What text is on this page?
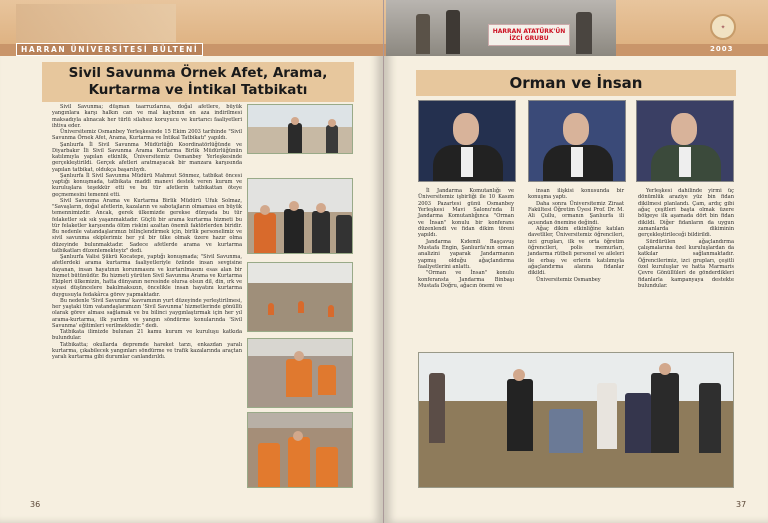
HARRAN ÜNİVERSİTESİ BÜLTENİ
Sivil Savunma Örnek Afet, Arama, Kurtarma ve İntikal Tatbikatı

Sivil Savunma; düşman taarruzlarına, doğal afetlere, büyük yangınlara karşı halkın can ve mal kaybının en aza indirilmesi maksadıyla alınacak her türlü silahsız koruyucu ve kurtarıcı faaliyetleri ihtiva eder.

Üniversitemiz Osmanbey Yerleşkesinde 15 Ekim 2003 tarihinde "Sivil Savunma Örnek Afet, Arama, Kurtarma ve İntikal Tatbikatı" yapıldı.

Şanlıurfa İl Sivil Savunma Müdürlüğü Koordinatörlüğünde ve Diyarbakır İli Sivil Savunma Arama Kurtarma Birlik Müdürlüğünün katılımıyla yapılan etkinlik, Üniversitemiz Osmanbey Yerleşkesinde gerçekleştirildi. Gerçek afetleri aratmayacak bir manzara karşısında yapılan tatbikat, oldukça başarılıydı.

Şanlıurfa İl Sivil Savunma Müdürü Mahmut Sönmez, tatbikat öncesi yaptığı konuşmada, tatbikata maddi manevi destek veren kurum ve kuruluşlara teşekkür etti ve bu tür afetlerin tatbikattan öteye geçmemesini temenni etti.

Sivil Savunma Arama ve Kurtarma Birlik Müdürü Ufuk Solmaz, "Savaşların, doğal afetlerin, kazaların ve sabotajların olmaması en büyük temennimizdir. Ancak, gerek ülkemizde gerekse dünyada bu tür felaketler sık sık yaşanmaktadır. Güçlü bir arama kurtarma hizmeti bu tür felaketler karşısında ölüm riskini azaltan önemli faktörlerden biridir. Bu nedenle vatandaşlarımızı bilinçlendirmek için, birlik personelimiz ve sivil savunma ekiplerimiz her yıl bir ülke olmak üzere hazır olma düzeyinde bulunmaktadır. Sadece afetlerde arama ve kurtarma tatbikatları düzenlemekteyiz" dedi.

Şanlıurfa Valisi Şükrü Kocatepe, yaptığı konuşmada; "Sivil Savunma, afetlerdeki arama kurtarma faaliyetleriyle özünde insan sevgisine dayanan, insan hayatının korunmasını ve kurtarılmasını esas alan bir hizmet bütünüdür. Bu hizmeti yürüten Sivil Savunma Arama ve Kurtarma Ekipleri ülkemizin, hatta dünyanın neresinde olursa olsun dil, din, ırk ve siyasi düşüncelere bakılmaksızın, öncelikle insan hayatını kurtarma duygusuyla fedakârca görev yapmaktadır.

Bu nedenle 'Sivil Savunma' kavramının yurt düzeyinde yerleştirilmesi, her yaştaki tüm vatandaşlarımızın 'Sivil Savunma' hizmetlerinde gönüllü olarak görev alması sağlamak ve bu bilinci yaygınlaştırmak için her yıl arama-kurtarma, ilk yardım ve yangın söndürme konularında 'Sivil Savunma' eğitimleri verilmektedir." dedi.

Tatbikata ilimizde bulunan 21 kamu kurum ve kuruluşu katkıda bulundular.

Tatbikatta; okullarda depremde hareket tarzı, enkazdan yaralı kurtarma, çıkabilecek yangınları söndürme ve trafik kazalarında araçtan yaralı kurtarma gibi durumlar canlandırıldı.

36
HARRAN ATATÜRK'ÜN
İZCİ GRUBU
✦
2003
Orman ve İnsan

İl Jandarma Komutanlığı ve Üniversitemiz işbirliği ile 10 Kasım 2003 Pazartesi günü Osmanbey Yerleşkesi Mavi Salonu'nda İl Jandarma Komutanlığınca "Orman ve İnsan" konulu bir konferans düzenlendi ve fidan dikim töreni yapıldı.

Jandarma Kıdemli Başçavuş Mustafa Engin, Şanlıurfa'nın orman analizini yaparak Jandarmanın yapmış olduğu ağaçlandırma faaliyetlerini anlattı.

"Orman ve İnsan" konulu konferansta Jandarma Binbaşı Mustafa Doğru, ağacın önemi ve

insan ilişkisi konusunda bir konuşma yaptı.

Daha sonra Üniversitemiz Ziraat Fakültesi Öğretim Üyesi Prof. Dr. M. Ali Çullu, ormanın Şanlıurfa ili açısından önemine değindi.

Ağaç dikim etkinliğine katılan davetliler, Üniversitemiz öğrencileri, izci grupları, ilk ve orta öğretim öğrencileri, polis memurları, jandarma rütbeli personel ve aileleri ile erbaş ve erlerin katılımıyla ağaçlandırma alanına fidanlar dikildi.

Üniversitemiz Osmanbey

Yerleşkesi dahilinde yirmi üç dönümlük araziye yüz bin fidan dikilmesi planlandı. Çam, ardıç gibi ağaç çeşitleri başta olmak üzere bölgeye ilk aşamada dört bin fidan dikildi. Diğer fidanların da uygun zamanlarda dikiminin gerçekleştirileceği bildirildi.

Sürdürülen ağaçlandırma çalışmalarına özel kuruluşlardan da katkılar sağlanmaktadır. Öğrencilerimiz, izci grupları, çeşitli özel kuruluşlar ve hatta Marmaris Çevre Gönüllüleri de gönderdikleri fidanlarla kampanyaya destekte bulundular.

37
